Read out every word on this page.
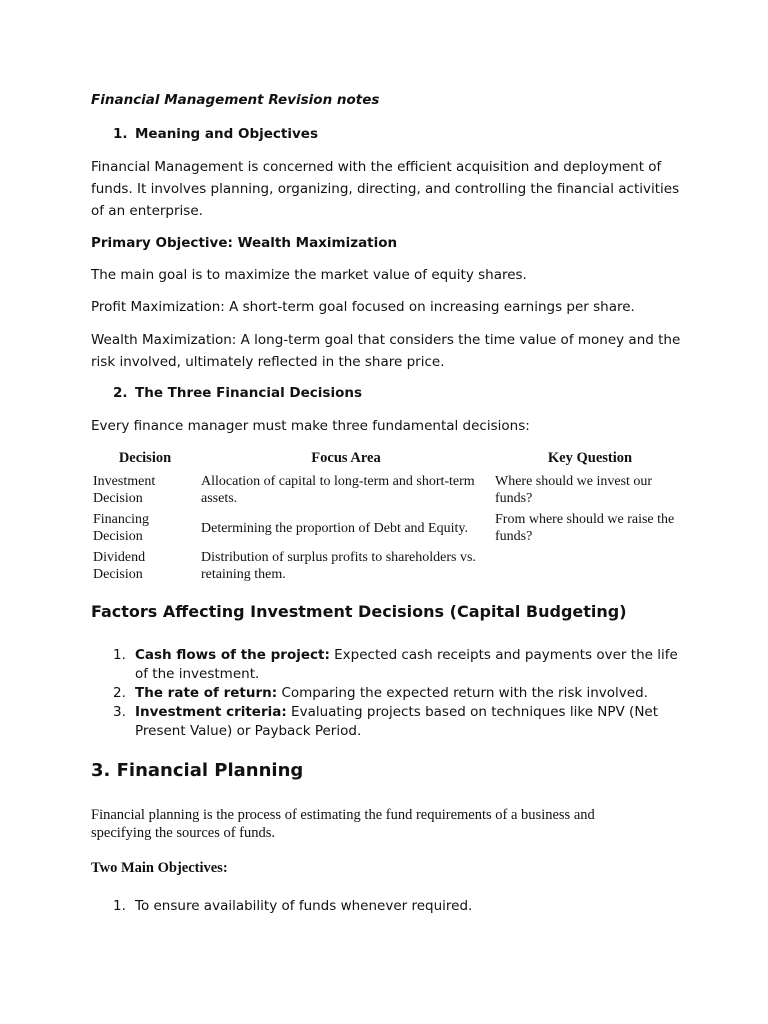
Financial Management Revision notes
1. Meaning and Objectives

Financial Management is concerned with the efficient acquisition and deployment of funds. It involves planning, organizing, directing, and controlling the financial activities of an enterprise.

Primary Objective: Wealth Maximization

The main goal is to maximize the market value of equity shares.

Profit Maximization: A short-term goal focused on increasing earnings per share.

Wealth Maximization: A long-term goal that considers the time value of money and the risk involved, ultimately reflected in the share price.

2. The Three Financial Decisions

Every finance manager must make three fundamental decisions:

Decision	Focus Area	Key Question
Investment Decision	Allocation of capital to long-term and short-term assets.	Where should we invest our funds?
Financing Decision	Determining the proportion of Debt and Equity.	From where should we raise the funds?
Dividend Decision	Distribution of surplus profits to shareholders vs. retaining them.	
Factors Affecting Investment Decisions (Capital Budgeting)
1. Cash flows of the project: Expected cash receipts and payments over the life of the investment.
2. The rate of return: Comparing the expected return with the risk involved.
3. Investment criteria: Evaluating projects based on techniques like NPV (Net Present Value) or Payback Period.
3. Financial Planning

Financial planning is the process of estimating the fund requirements of a business and specifying the sources of funds.

Two Main Objectives:
1. To ensure availability of funds whenever required.
